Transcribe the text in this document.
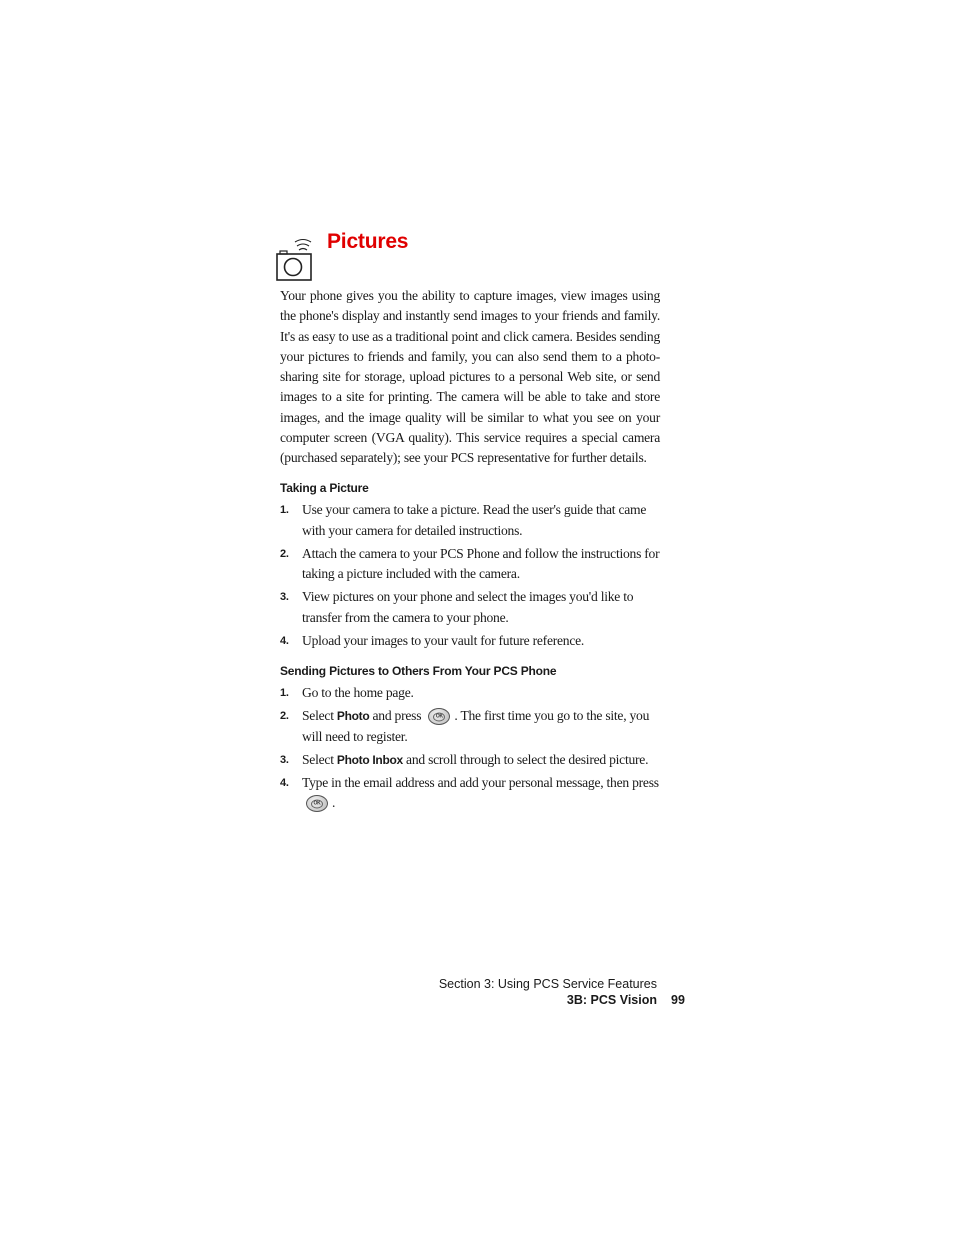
Pictures

Your phone gives you the ability to capture images, view images using the phone's display and instantly send images to your friends and family. It's as easy to use as a traditional point and click camera. Besides sending your pictures to friends and family, you can also send them to a photo-sharing site for storage, upload pictures to a personal Web site, or send images to a site for printing. The camera will be able to take and store images, and the image quality will be similar to what you see on your computer screen (VGA quality). This service requires a special camera (purchased separately); see your PCS representative for further details.

Taking a Picture
1. Use your camera to take a picture. Read the user's guide that came with your camera for detailed instructions.
2. Attach the camera to your PCS Phone and follow the instructions for taking a picture included with the camera.
3. View pictures on your phone and select the images you'd like to transfer from the camera to your phone.
4. Upload your images to your vault for future reference.
Sending Pictures to Others From Your PCS Phone
1. Go to the home page.
2. Select Photo and press	OK . The first time you go to the site, you will need to register.
3. Select Photo Inbox and scroll through to select the desired picture.
4. Type in the email address and add your personal message, then press
OK .
Section 3: Using PCS Service Features
3B: PCS Vision 99
